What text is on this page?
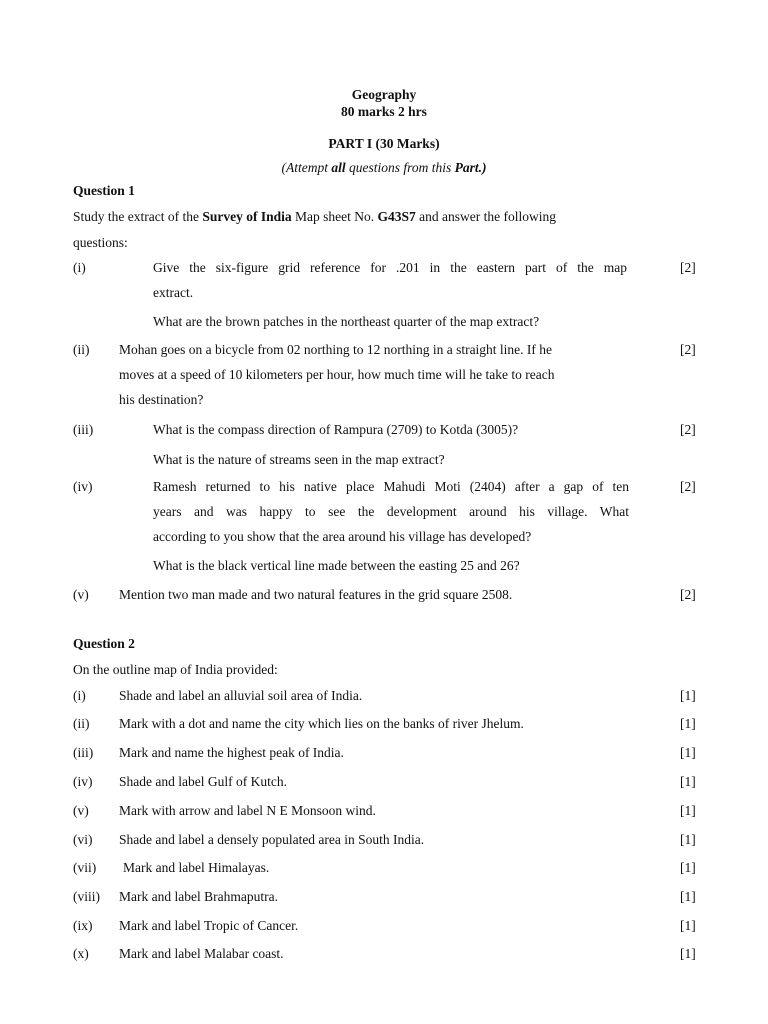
Geography
80 marks 2 hrs
PART I (30 Marks)
(Attempt all questions from this Part.)
Question 1
Study the extract of the Survey of India Map sheet No. G43S7 and answer the following
questions:
(i)	Give the six-figure grid reference for .201 in the eastern part of the map	[2]
extract.
What are the brown patches in the northeast quarter of the map extract?
(ii) Mohan goes on a bicycle from 02 northing to 12 northing in a straight line. If he	[2]
moves at a speed of 10 kilometers per hour, how much time will he take to reach
his destination?
(iii)	What is the compass direction of Rampura (2709) to Kotda (3005)?	[2]
What is the nature of streams seen in the map extract?
(iv)	Ramesh returned to his native place Mahudi Moti (2404) after a gap of ten	[2]
years and was happy to see the development around his village. What
according to you show that the area around his village has developed?
What is the black vertical line made between the easting 25 and 26?
(v) Mention two man made and two natural features in the grid square 2508.	[2]
Question 2
On the outline map of India provided:
(i) Shade and label an alluvial soil area of India.	[1]
(ii) Mark with a dot and name the city which lies on the banks of river Jhelum.	[1]
(iii) Mark and name the highest peak of India.	[1]
(iv) Shade and label Gulf of Kutch.	[1]
(v) Mark with arrow and label N E Monsoon wind.	[1]
(vi) Shade and label a densely populated area in South India.	[1]
(vii) Mark and label Himalayas.	[1]
(viii) Mark and label Brahmaputra.	[1]
(ix) Mark and label Tropic of Cancer.	[1]
(x) Mark and label Malabar coast.	[1]
